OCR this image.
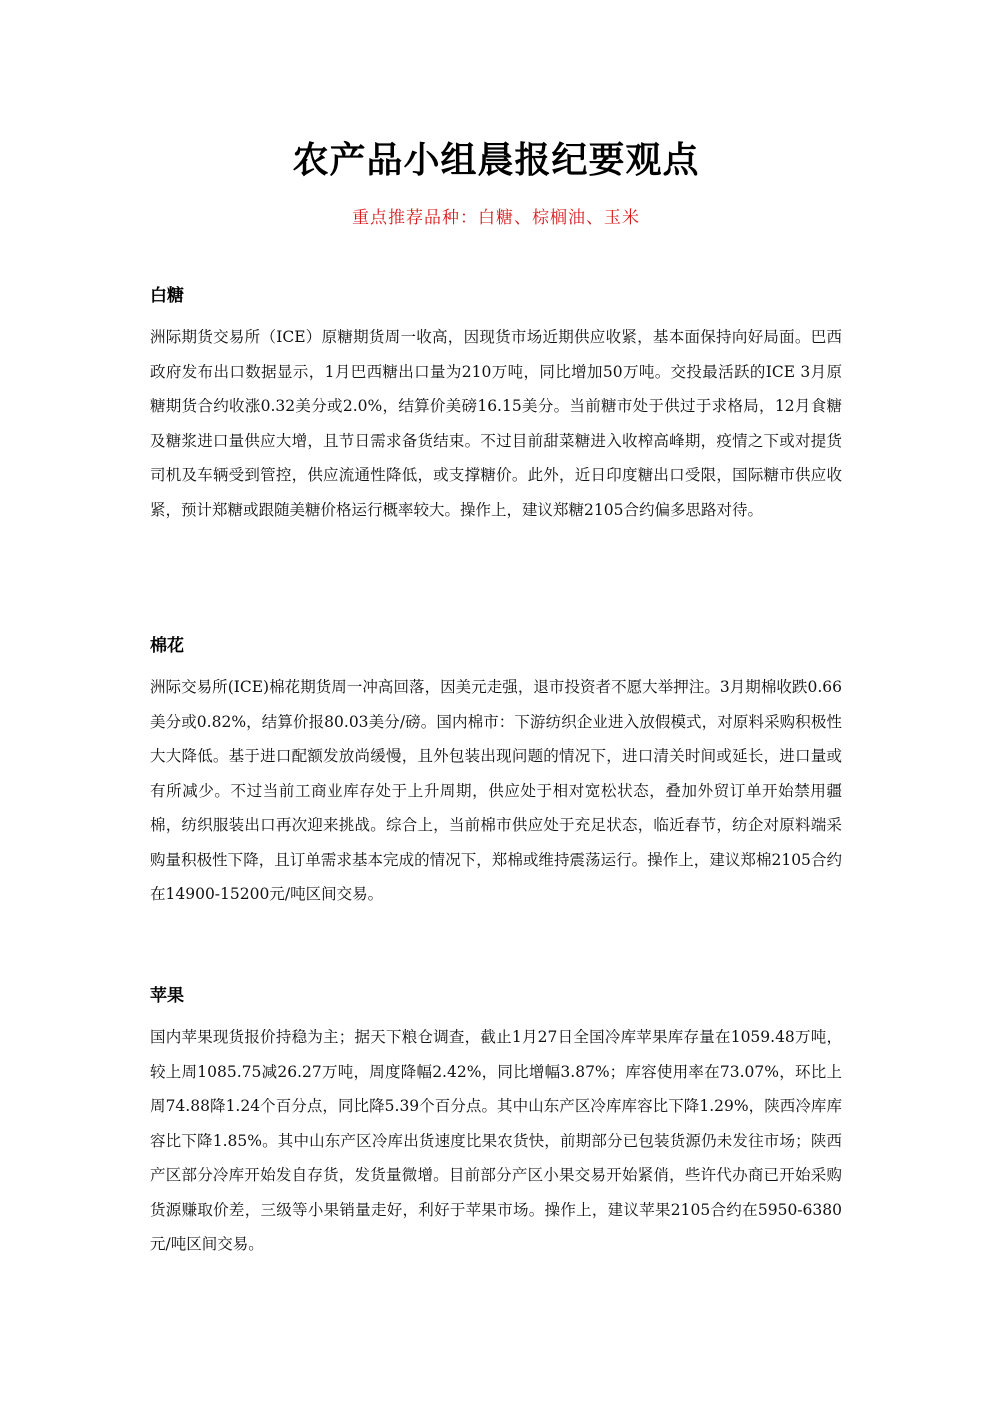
农产品小组晨报纪要观点
重点推荐品种：白糖、棕榈油、玉米
白糖

洲际期货交易所（ICE）原糖期货周一收高，因现货市场近期供应收紧，基本面保持向好局面。巴西政府发布出口数据显示，1月巴西糖出口量为210万吨，同比增加50万吨。交投最活跃的ICE 3月原糖期货合约收涨0.32美分或2.0%，结算价美磅16.15美分。当前糖市处于供过于求格局，12月食糖及糖浆进口量供应大增，且节日需求备货结束。不过目前甜菜糖进入收榨高峰期，疫情之下或对提货司机及车辆受到管控，供应流通性降低，或支撑糖价。此外，近日印度糖出口受限，国际糖市供应收紧，预计郑糖或跟随美糖价格运行概率较大。操作上，建议郑糖2105合约偏多思路对待。

棉花

洲际交易所(ICE)棉花期货周一冲高回落，因美元走强，退市投资者不愿大举押注。3月期棉收跌0.66美分或0.82%，结算价报80.03美分/磅。国内棉市：下游纺织企业进入放假模式，对原料采购积极性大大降低。基于进口配额发放尚缓慢，且外包装出现问题的情况下，进口清关时间或延长，进口量或有所减少。不过当前工商业库存处于上升周期，供应处于相对宽松状态，叠加外贸订单开始禁用疆棉，纺织服装出口再次迎来挑战。综合上，当前棉市供应处于充足状态，临近春节，纺企对原料端采购量积极性下降，且订单需求基本完成的情况下，郑棉或维持震荡运行。操作上，建议郑棉2105合约在14900-15200元/吨区间交易。

苹果

国内苹果现货报价持稳为主；据天下粮仓调查，截止1月27日全国冷库苹果库存量在1059.48万吨，较上周1085.75减26.27万吨，周度降幅2.42%，同比增幅3.87%；库容使用率在73.07%，环比上周74.88降1.24个百分点，同比降5.39个百分点。其中山东产区冷库库容比下降1.29%，陕西冷库库容比下降1.85%。其中山东产区冷库出货速度比果农货快，前期部分已包装货源仍未发往市场；陕西产区部分冷库开始发自存货，发货量微增。目前部分产区小果交易开始紧俏，些许代办商已开始采购货源赚取价差，三级等小果销量走好，利好于苹果市场。操作上，建议苹果2105合约在5950-6380元/吨区间交易。
